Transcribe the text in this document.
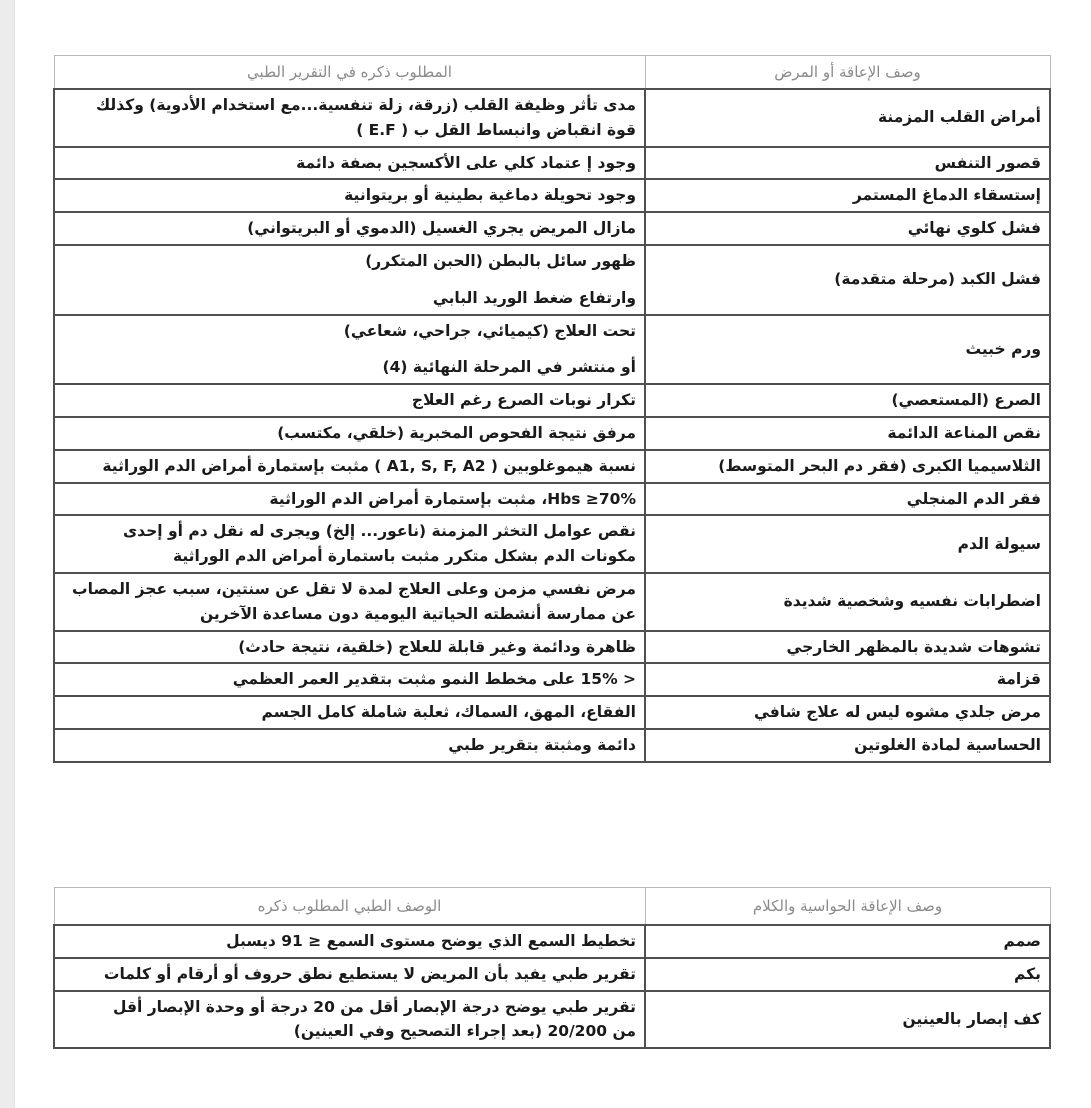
وصف الإعاقة أو المرض	المطلوب ذكره في التقرير الطبي
أمراض القلب المزمنة	مدى تأثر وظيفة القلب (زرقة، زلة تنفسية...مع استخدام الأدوية) وكذلك
قوة انقباض وانبساط القل ب ( E.F )

قصور التنفس	وجود إ عتماد كلي على الأكسجين بصفة دائمة

إستسقاء الدماغ المستمر	وجود تحويلة دماغية بطينية أو بريتوانية

فشل كلوي نهائي	مازال المريض يجري الغسيل (الدموي أو البريتواني)

فشل الكبد (مرحلة متقدمة)	ظهور سائل بالبطن (الحبن المتكرر)
وارتفاع ضغط الوريد البابي

ورم خبيث	تحت العلاج (كيميائي، جراحي، شعاعي)
أو منتشر في المرحلة النهائية (4)

الصرع (المستعصي)	تكرار نوبات الصرع رغم العلاج

نقص المناعة الدائمة	مرفق نتيجة الفحوص المخبرية (خلقي، مكتسب)

الثلاسيميا الكبرى (فقر دم البحر المتوسط)	نسبة هيموغلوبين ( A1, S, F, A2 ) مثبت بإستمارة أمراض الدم الوراثية

فقر الدم المنجلي	Hbs ≥70%، مثبت بإستمارة أمراض الدم الوراثية

سيولة الدم	نقص عوامل التخثر المزمنة (ناعور... إلخ) ويجرى له نقل دم أو إحدى
مكونات الدم بشكل متكرر مثبت باستمارة أمراض الدم الوراثية

اضطرابات نفسيه وشخصية شديدة	مرض نفسي مزمن وعلى العلاج لمدة لا تقل عن سنتين، سبب عجز المصاب
عن ممارسة أنشطته الحياتية اليومية دون مساعدة الآخرين

تشوهات شديدة بالمظهر الخارجي	ظاهرة ودائمة وغير قابلة للعلاج (خلقية، نتيجة حادث)

قزامة	< 15% على مخطط النمو مثبت بتقدير العمر العظمي

مرض جلدي مشوه ليس له علاج شافي	الفقاع، المهق، السماك، ثعلبة شاملة كامل الجسم

الحساسية لمادة الغلوتين	دائمة ومثبتة بتقرير طبي
وصف الإعاقة الحواسية والكلام	الوصف الطبي المطلوب ذكره
صمم	تخطيط السمع الذي يوضح مستوى السمع ≤ 91 ديسبل

بكم	تقرير طبي يفيد بأن المريض لا يستطيع نطق حروف أو أرقام أو كلمات

كف إبصار بالعينين	تقرير طبي يوضح درجة الإبصار أقل من 20 درجة أو وحدة الإبصار أقل
من 20/200 (بعد إجراء التصحيح وفي العينين)
